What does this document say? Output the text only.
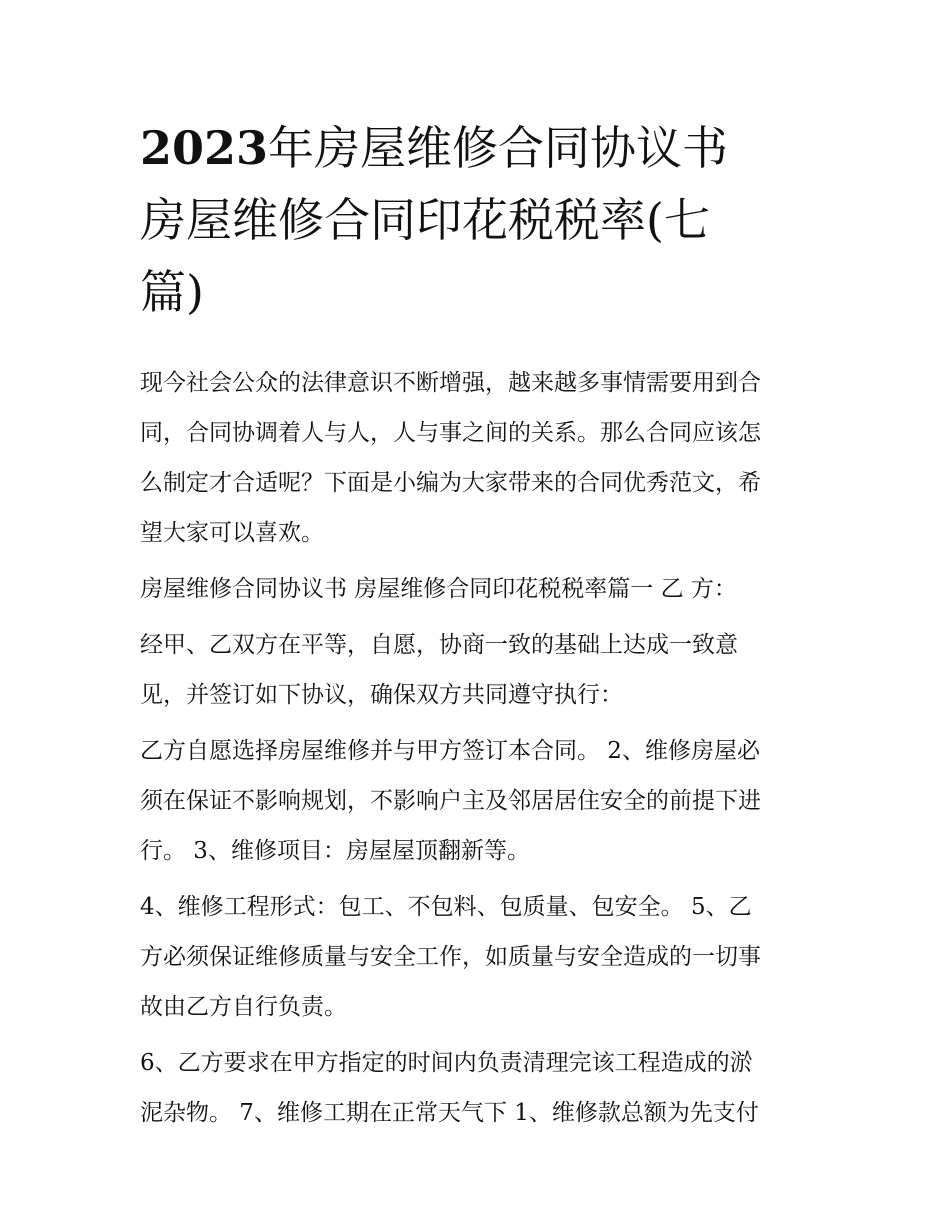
2023年房屋维修合同协议书
房屋维修合同印花税税率(七
篇)

现今社会公众的法律意识不断增强，越来越多事情需要用到合
同，合同协调着人与人，人与事之间的关系。那么合同应该怎
么制定才合适呢？下面是小编为大家带来的合同优秀范文，希
望大家可以喜欢。

房屋维修合同协议书 房屋维修合同印花税税率篇一 乙 方：

经甲、乙双方在平等，自愿，协商一致的基础上达成一致意
见，并签订如下协议，确保双方共同遵守执行：

乙方自愿选择房屋维修并与甲方签订本合同。 2、维修房屋必
须在保证不影响规划，不影响户主及邻居居住安全的前提下进
行。 3、维修项目：房屋屋顶翻新等。

4、维修工程形式：包工、不包料、包质量、包安全。 5、乙
方必须保证维修质量与安全工作，如质量与安全造成的一切事
故由乙方自行负责。

6、乙方要求在甲方指定的时间内负责清理完该工程造成的淤
泥杂物。 7、维修工期在正常天气下 1、维修款总额为先支付
